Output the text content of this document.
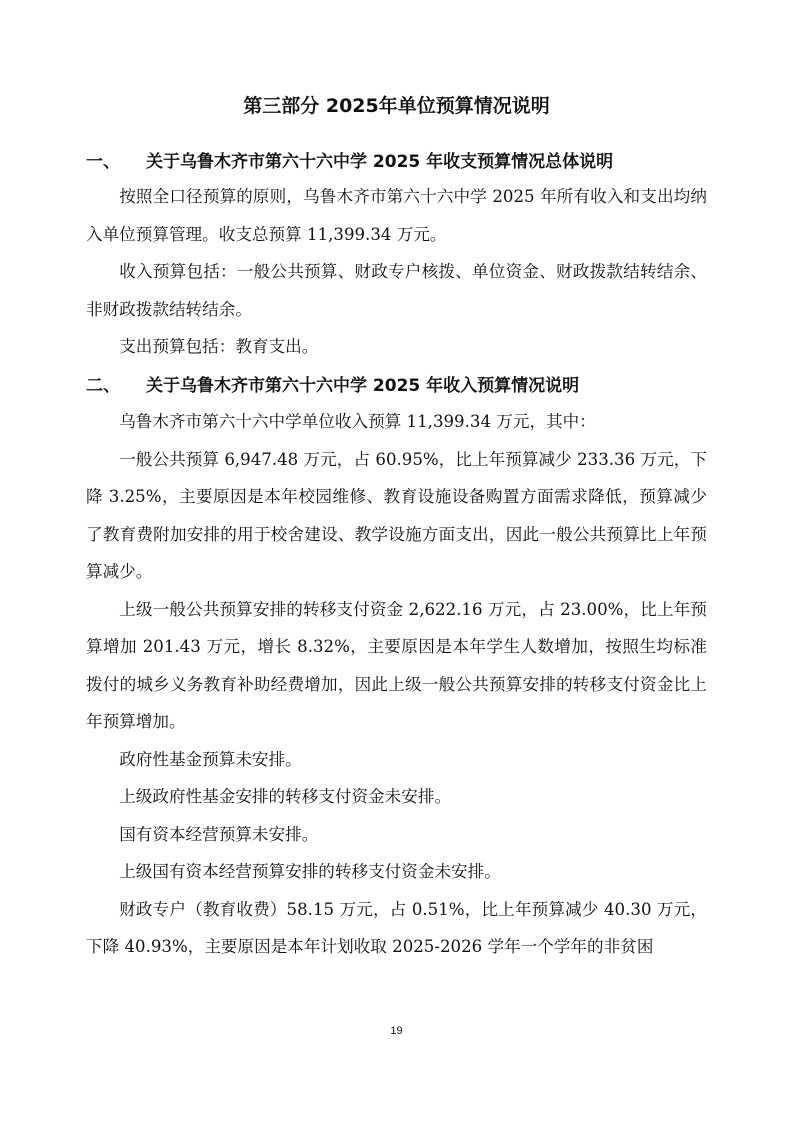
第三部分 2025年单位预算情况说明
一、 关于乌鲁木齐市第六十六中学 2025 年收支预算情况总体说明

按照全口径预算的原则，乌鲁木齐市第六十六中学 2025 年所有收入和支出均纳入单位预算管理。收支总预算 11,399.34 万元。

收入预算包括：一般公共预算、财政专户核拨、单位资金、财政拨款结转结余、非财政拨款结转结余。

支出预算包括：教育支出。

二、 关于乌鲁木齐市第六十六中学 2025 年收入预算情况说明

乌鲁木齐市第六十六中学单位收入预算 11,399.34 万元，其中：

一般公共预算 6,947.48 万元，占 60.95%，比上年预算减少 233.36 万元，下降 3.25%，主要原因是本年校园维修、教育设施设备购置方面需求降低，预算减少了教育费附加安排的用于校舍建设、教学设施方面支出，因此一般公共预算比上年预算减少。

上级一般公共预算安排的转移支付资金 2,622.16 万元，占 23.00%，比上年预算增加 201.43 万元，增长 8.32%，主要原因是本年学生人数增加，按照生均标准拨付的城乡义务教育补助经费增加，因此上级一般公共预算安排的转移支付资金比上年预算增加。

政府性基金预算未安排。

上级政府性基金安排的转移支付资金未安排。

国有资本经营预算未安排。

上级国有资本经营预算安排的转移支付资金未安排。

财政专户（教育收费）58.15 万元，占 0.51%，比上年预算减少 40.30 万元，下降 40.93%，主要原因是本年计划收取 2025-2026 学年一个学年的非贫困

19
